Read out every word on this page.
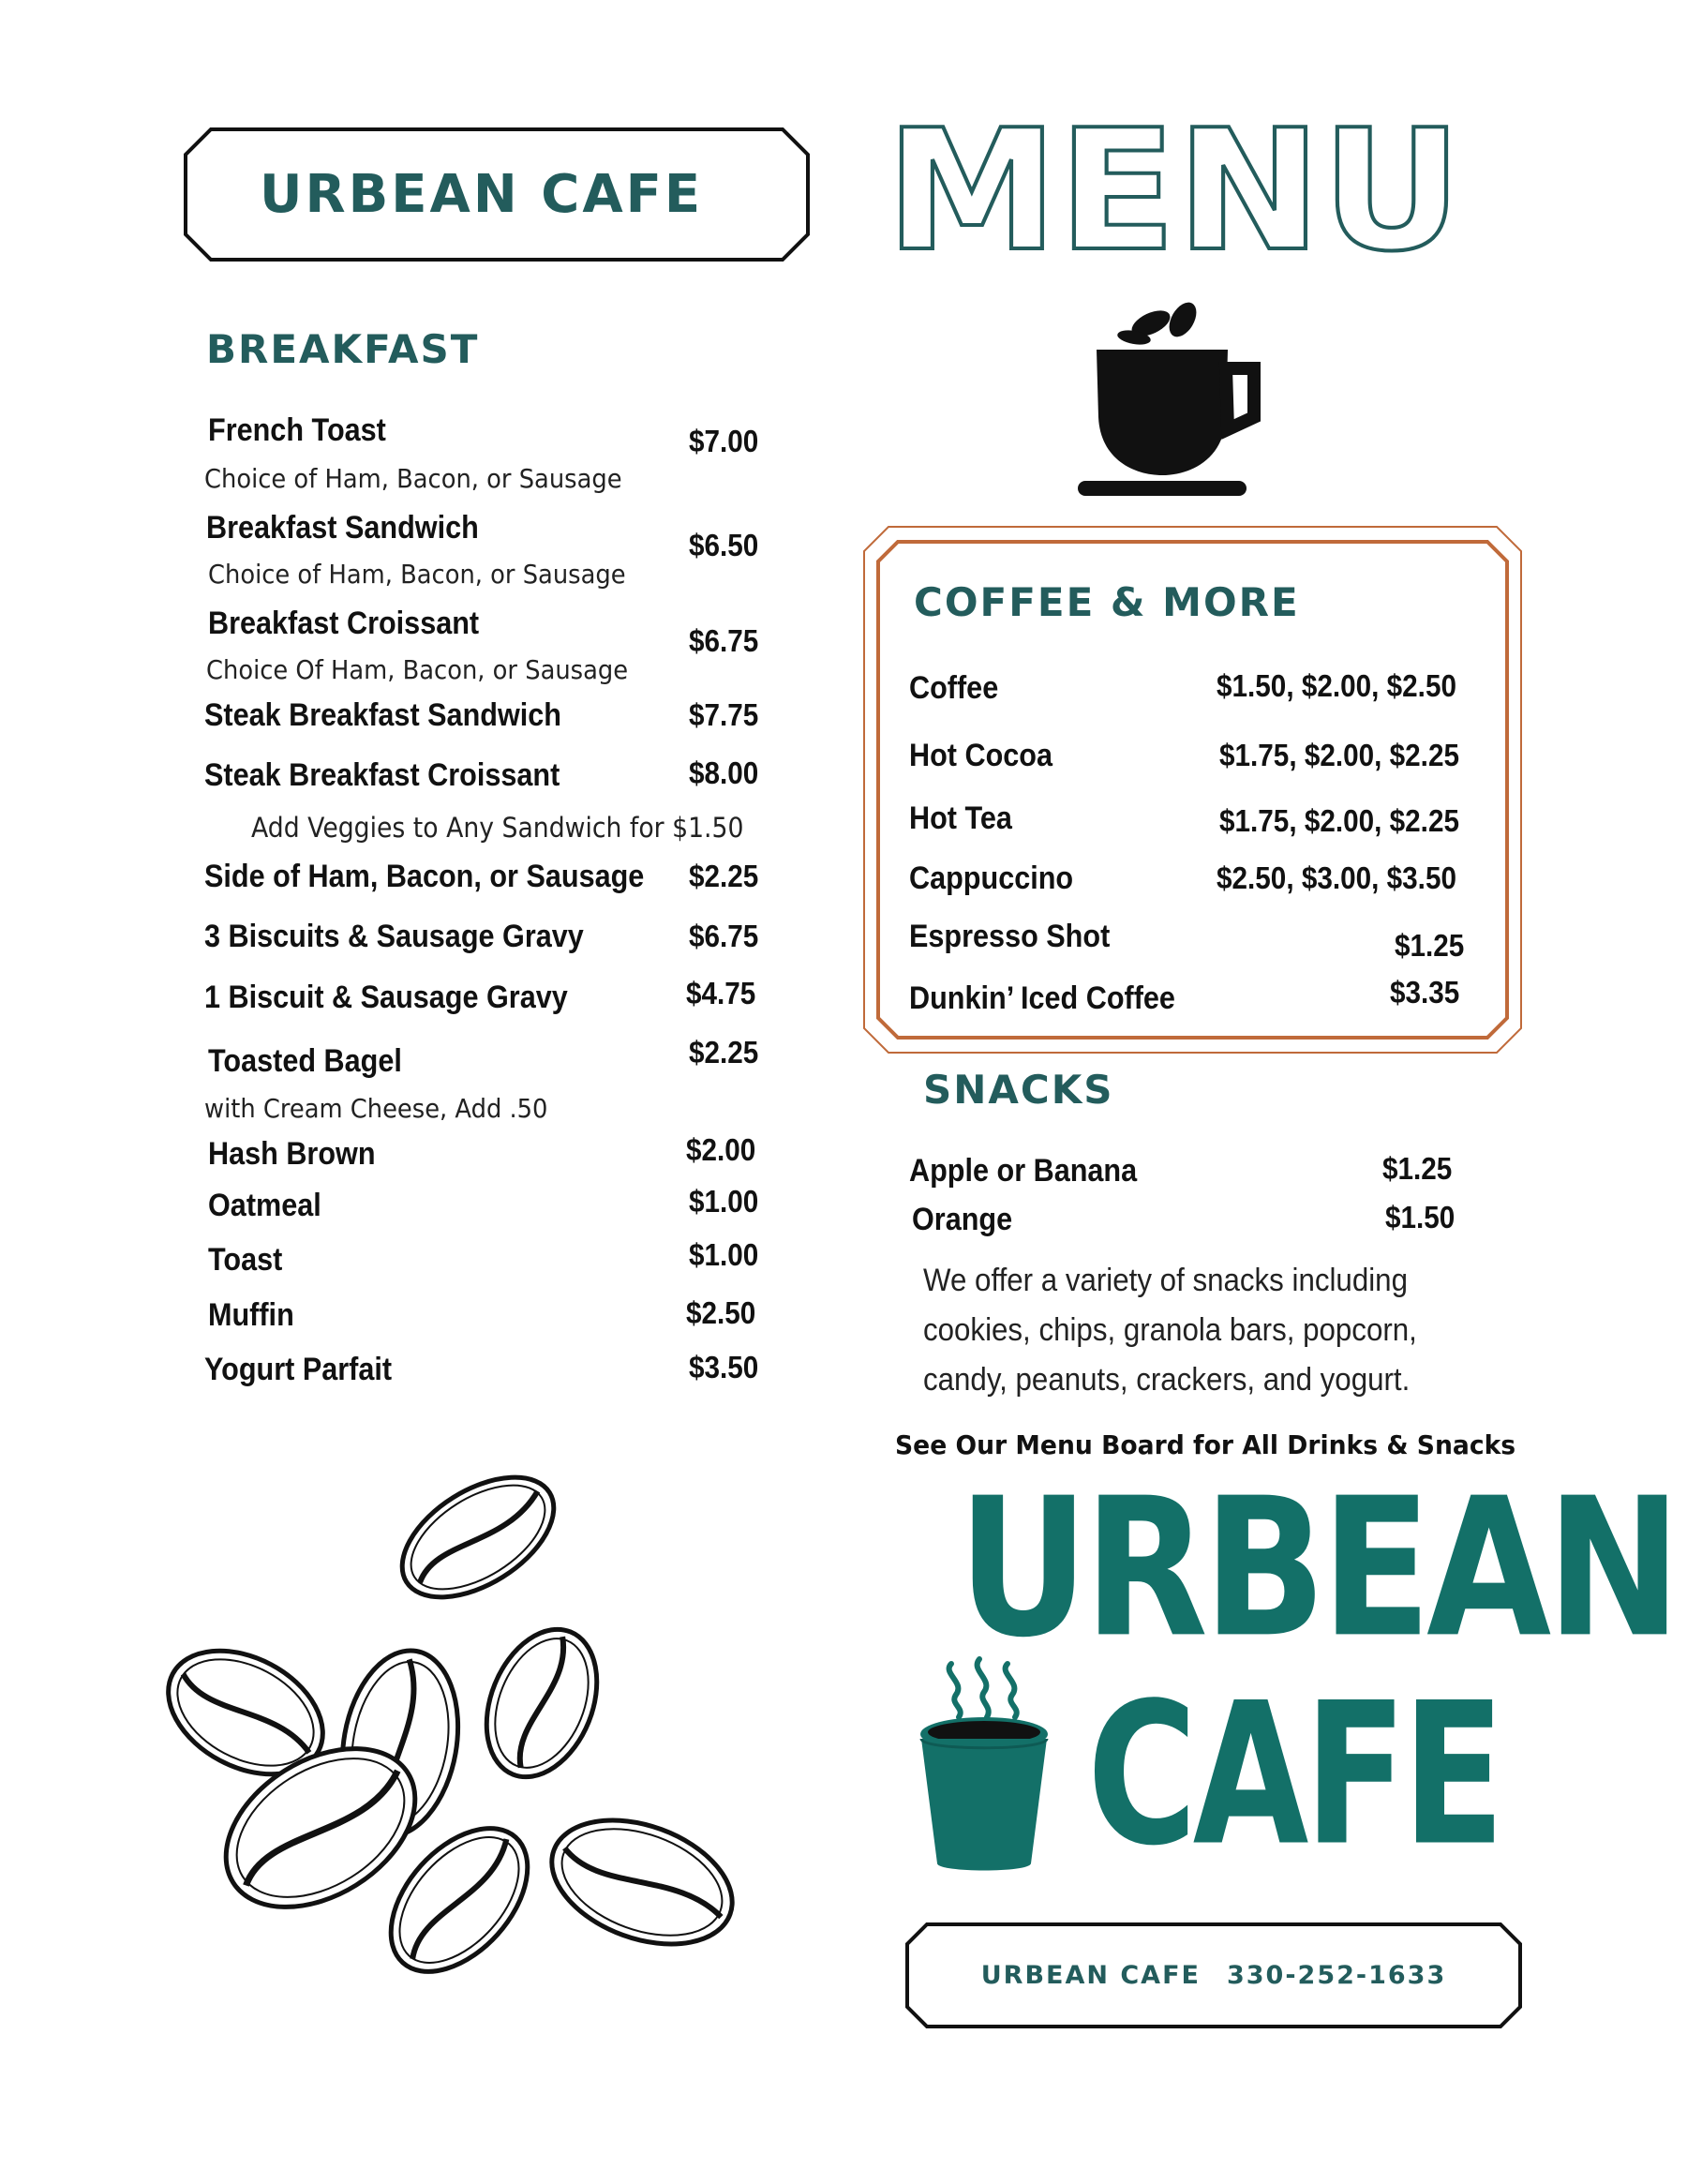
URBEAN CAFE	MENU
BREAKFAST
French Toast	$7.00
Choice of Ham, Bacon, or Sausage
Breakfast Sandwich	$6.50
Choice of Ham, Bacon, or Sausage
Breakfast Croissant	$6.75
Choice Of Ham, Bacon, or Sausage
Steak Breakfast Sandwich	$7.75
Steak Breakfast Croissant	$8.00
Add Veggies to Any Sandwich for $1.50
Side of Ham, Bacon, or Sausage $2.25
3 Biscuits & Sausage Gravy	$6.75
1 Biscuit & Sausage Gravy	$4.75
Toasted Bagel	$2.25
with Cream Cheese, Add .50
Hash Brown	$2.00
Oatmeal	$1.00
Toast	$1.00
Muffin	$2.50
Yogurt Parfait	$3.50
COFFEE & MORE
Coffee	$1.50, $2.00, $2.50
Hot Cocoa	$1.75, $2.00, $2.25
Hot Tea	$1.75, $2.00, $2.25
Cappuccino	$2.50, $3.00, $3.50
Espresso Shot	$1.25
Dunkin’ Iced Coffee	$3.35
SNACKS
Apple or Banana	$1.25
Orange	$1.50
We offer a variety of snacks including cookies, chips, granola bars, popcorn, candy, peanuts, crackers, and yogurt.
See Our Menu Board for All Drinks & Snacks
URBEAN
CAFE
URBEAN CAFE 330-252-1633
